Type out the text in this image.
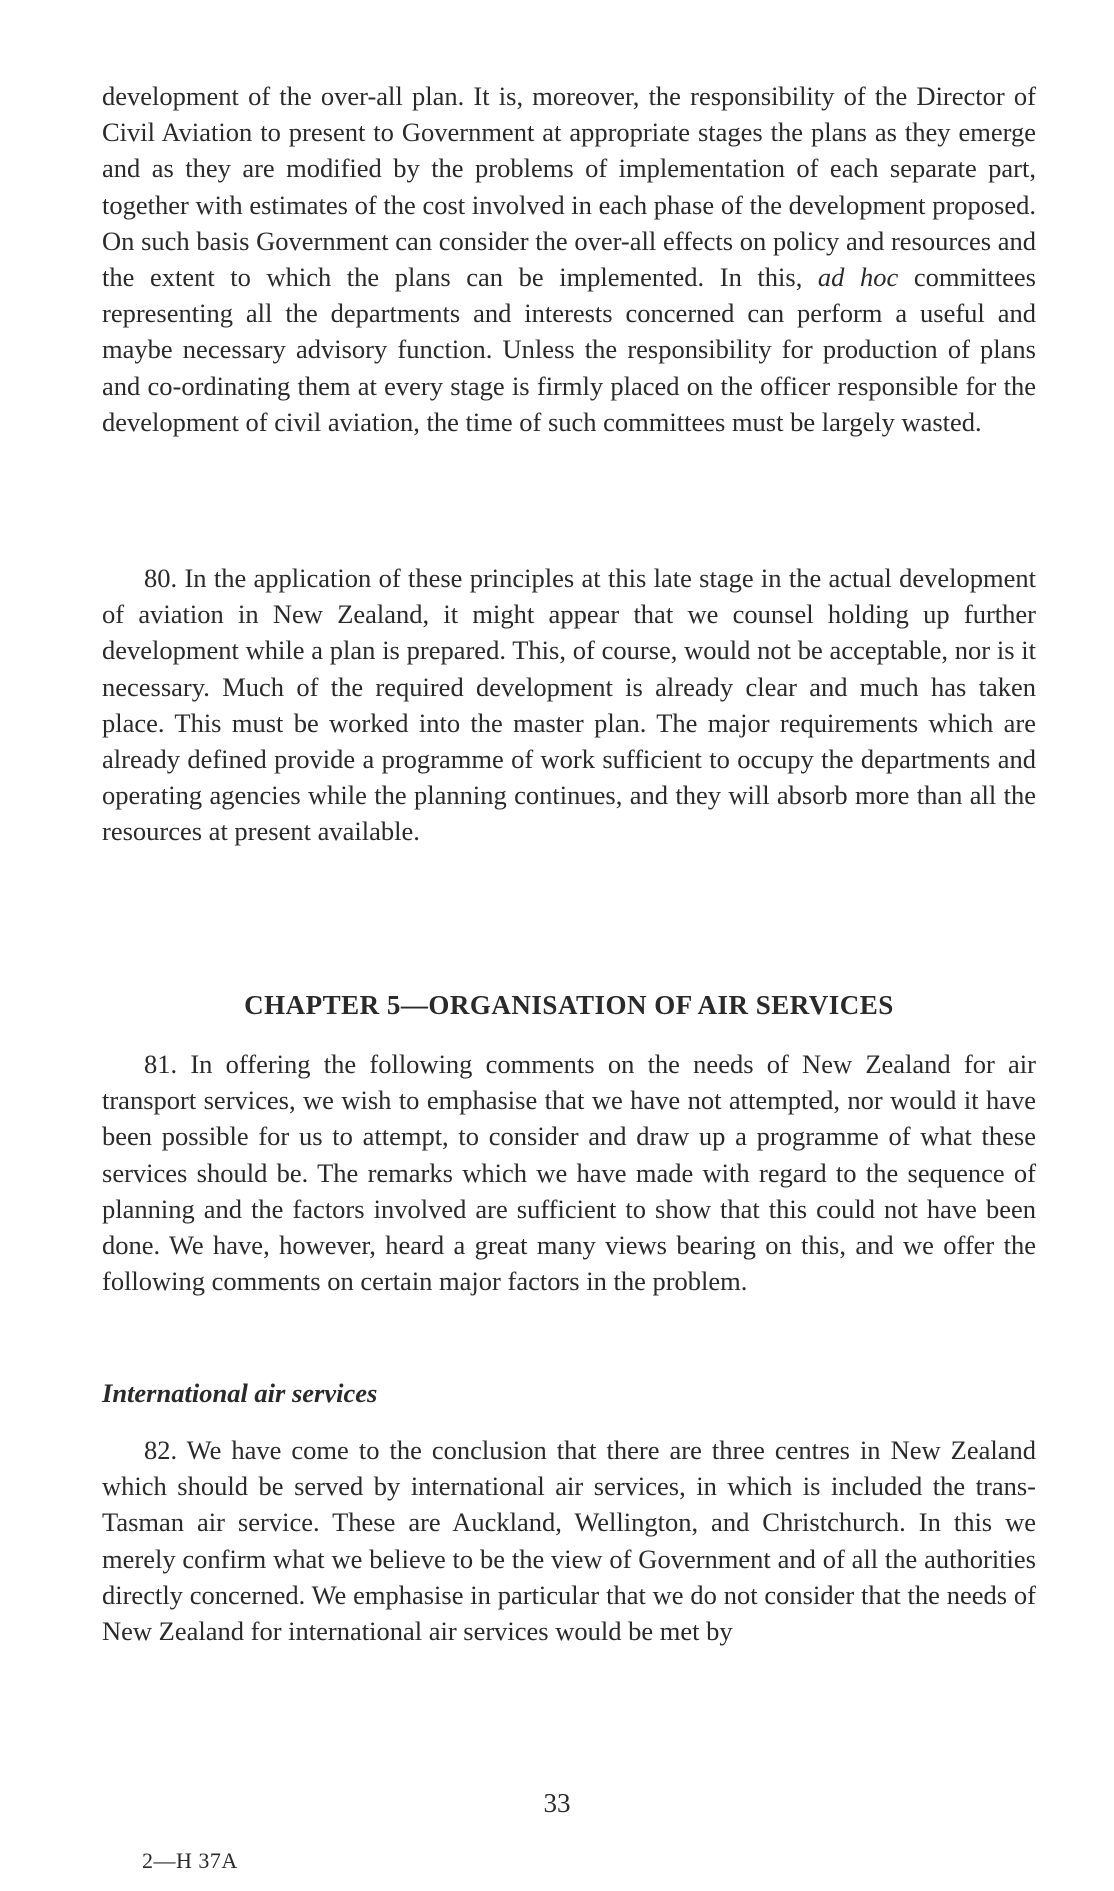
development of the over-all plan. It is, moreover, the responsibility of the Director of Civil Aviation to present to Government at appropriate stages the plans as they emerge and as they are modified by the problems of implementation of each separate part, together with estimates of the cost involved in each phase of the development proposed. On such basis Government can consider the over-all effects on policy and resources and the extent to which the plans can be implemented. In this, ad hoc committees representing all the departments and interests concerned can perform a useful and maybe necessary advisory function. Unless the responsibility for production of plans and co-ordinating them at every stage is firmly placed on the officer responsible for the development of civil aviation, the time of such committees must be largely wasted.

80. In the application of these principles at this late stage in the actual development of aviation in New Zealand, it might appear that we counsel holding up further development while a plan is prepared. This, of course, would not be acceptable, nor is it necessary. Much of the required development is already clear and much has taken place. This must be worked into the master plan. The major requirements which are already defined provide a programme of work sufficient to occupy the departments and operating agencies while the planning continues, and they will absorb more than all the resources at present available.

CHAPTER 5—ORGANISATION OF AIR SERVICES

81. In offering the following comments on the needs of New Zealand for air transport services, we wish to emphasise that we have not attempted, nor would it have been possible for us to attempt, to consider and draw up a programme of what these services should be. The remarks which we have made with regard to the sequence of planning and the factors involved are sufficient to show that this could not have been done. We have, however, heard a great many views bearing on this, and we offer the following comments on certain major factors in the problem.

International air services

82. We have come to the conclusion that there are three centres in New Zealand which should be served by international air services, in which is included the trans-Tasman air service. These are Auckland, Wellington, and Christchurch. In this we merely confirm what we believe to be the view of Government and of all the authorities directly concerned. We emphasise in particular that we do not consider that the needs of New Zealand for international air services would be met by

33
2—H 37A
